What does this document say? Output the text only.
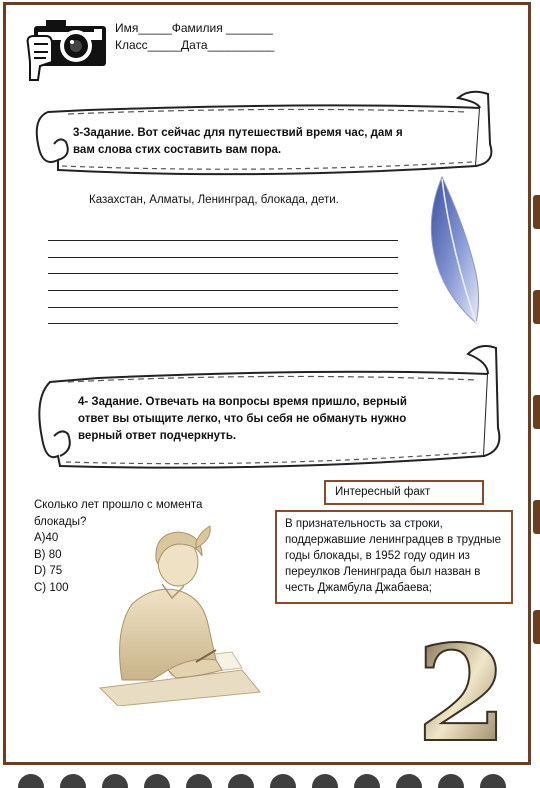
Имя_____Фамилия _______
Класс_____Дата__________
3-Задание. Вот сейчас для путешествий время час, дам я вам слова стих составить вам пора.
Казахстан, Алматы, Ленинград, блокада, дети.
4- Задание. Отвечать на вопросы время пришло, верный ответ вы отыщите легко, что бы себя не обмануть нужно верный ответ подчеркнуть.
Сколько лет прошло с момента блокады?
А)40
В) 80
D) 75
С) 100
Интересный факт
В признательность за строки, поддержавшие ленинградцев в трудные годы блокады, в 1952 году один из переулков Ленинграда был назван в честь Джамбула Джабаева;
2
